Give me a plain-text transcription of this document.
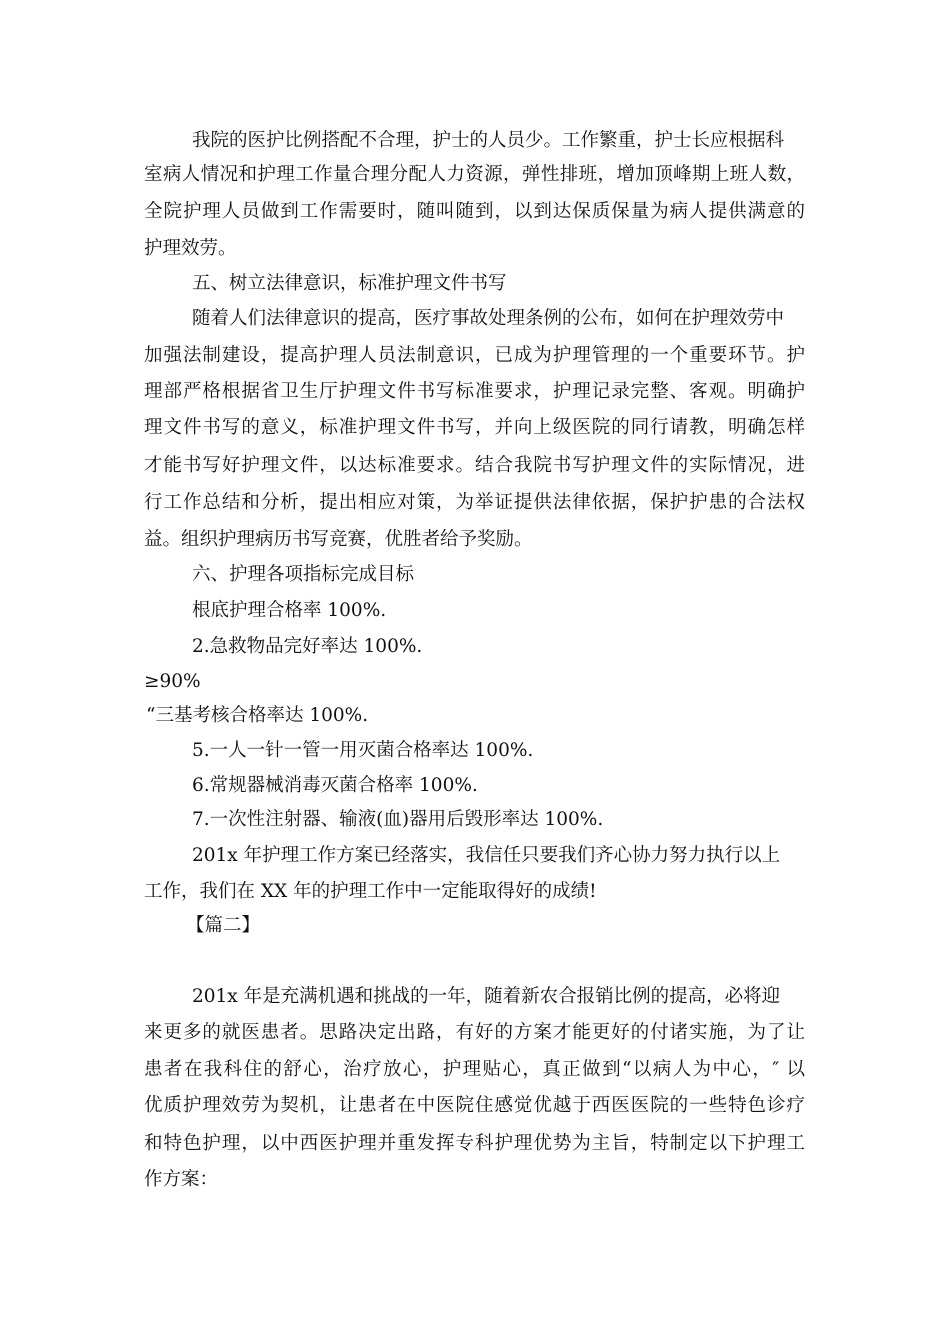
我院的医护比例搭配不合理，护士的人员少。工作繁重，护士长应根据科

室病人情况和护理工作量合理分配人力资源，弹性排班，增加顶峰期上班人数，

全院护理人员做到工作需要时，随叫随到，以到达保质保量为病人提供满意的

护理效劳。

五、树立法律意识，标准护理文件书写

随着人们法律意识的提高，医疗事故处理条例的公布，如何在护理效劳中

加强法制建设，提高护理人员法制意识，已成为护理管理的一个重要环节。护

理部严格根据省卫生厅护理文件书写标准要求，护理记录完整、客观。明确护

理文件书写的意义，标准护理文件书写，并向上级医院的同行请教，明确怎样

才能书写好护理文件，以达标准要求。结合我院书写护理文件的实际情况，进

行工作总结和分析，提出相应对策，为举证提供法律依据，保护护患的合法权

益。组织护理病历书写竞赛，优胜者给予奖励。

六、护理各项指标完成目标

根底护理合格率 100%.

2.急救物品完好率达 100%.

≥90%

“三基考核合格率达 100%.

5.一人一针一管一用灭菌合格率达 100%.

6.常规器械消毒灭菌合格率 100%.

7.一次性注射器、输液(血)器用后毁形率达 100%.

201x 年护理工作方案已经落实，我信任只要我们齐心协力努力执行以上

工作，我们在 XX 年的护理工作中一定能取得好的成绩!

【篇二】

201x 年是充满机遇和挑战的一年，随着新农合报销比例的提高，必将迎

来更多的就医患者。思路决定出路，有好的方案才能更好的付诸实施，为了让

患者在我科住的舒心，治疗放心，护理贴心，真正做到“以病人为中心，″ 以

优质护理效劳为契机，让患者在中医院住感觉优越于西医医院的一些特色诊疗

和特色护理，以中西医护理并重发挥专科护理优势为主旨，特制定以下护理工

作方案：
